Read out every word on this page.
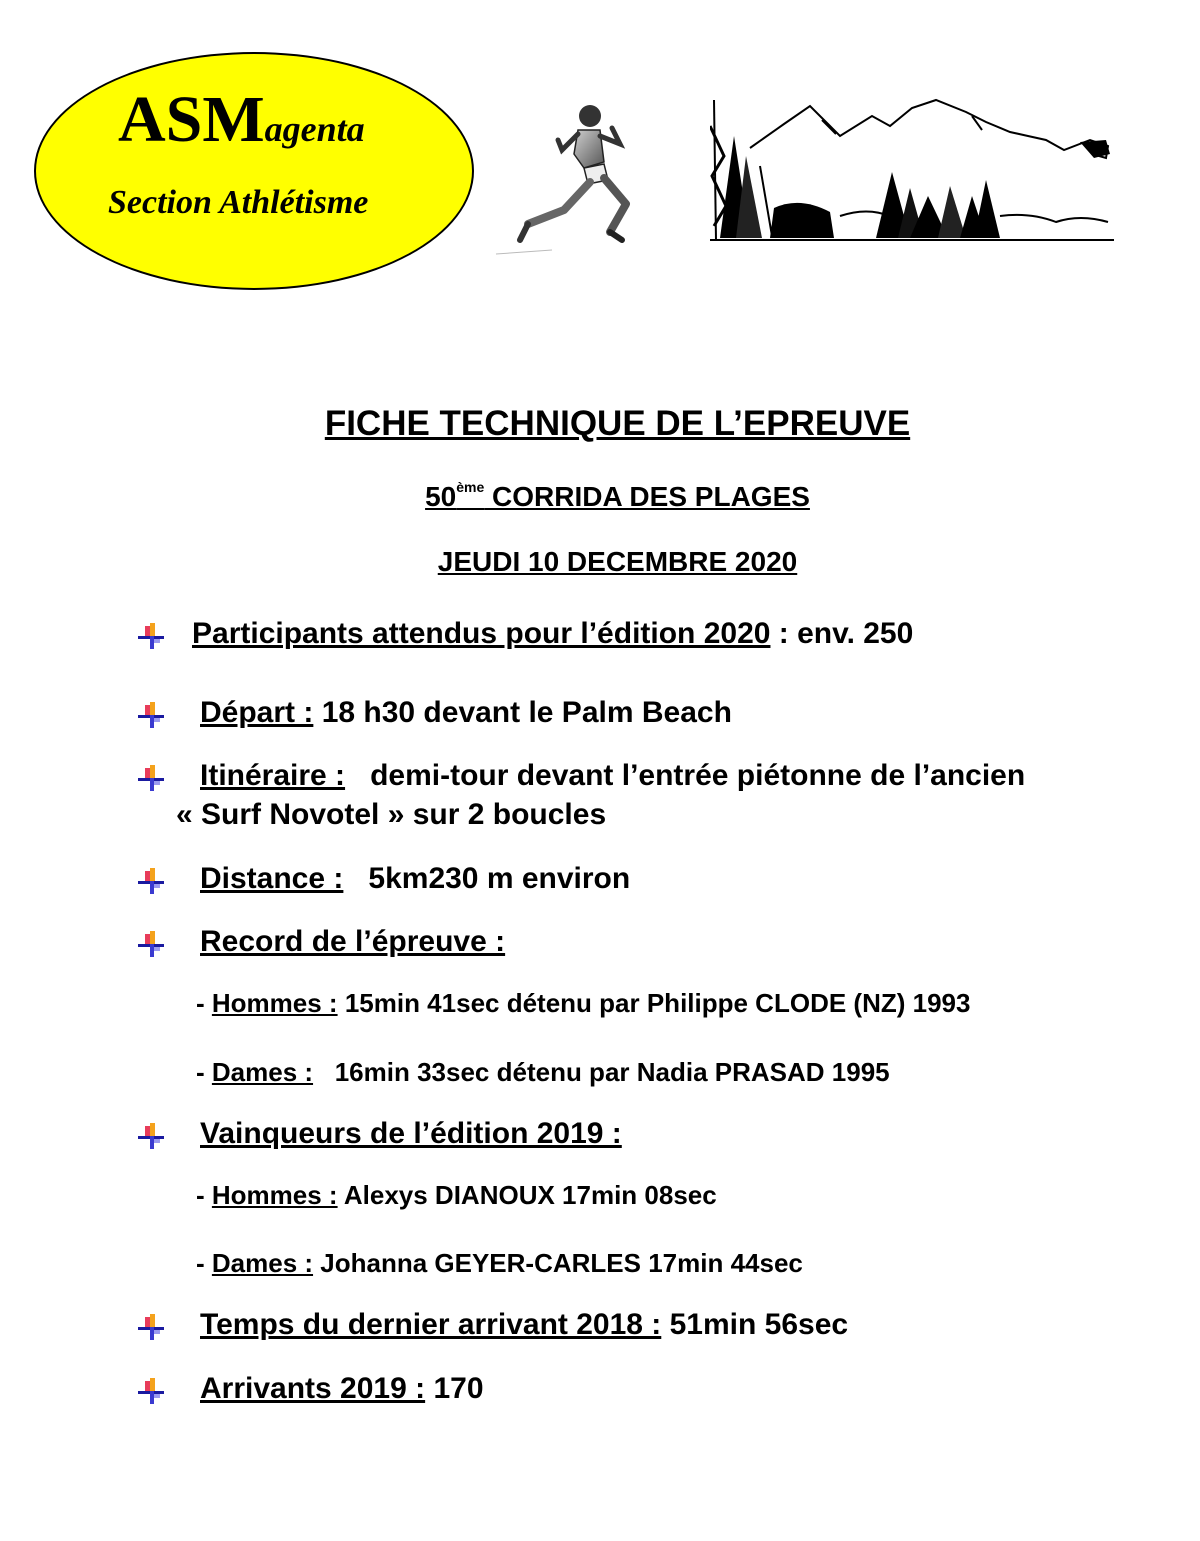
ASMagenta
Section Athlétisme
FICHE TECHNIQUE DE L’EPREUVE
50ème CORRIDA DES PLAGES
JEUDI 10 DECEMBRE 2020
Participants attendus pour l’édition 2020 : env. 250
Départ : 18 h30 devant le Palm Beach
Itinéraire :   demi-tour devant l’entrée piétonne de l’ancien
« Surf Novotel » sur 2 boucles
Distance :   5km230 m environ
Record de l’épreuve :
- Hommes : 15min 41sec détenu par Philippe CLODE (NZ) 1993
- Dames :   16min 33sec détenu par Nadia PRASAD 1995
Vainqueurs de l’édition 2019 :
- Hommes : Alexys DIANOUX 17min 08sec
- Dames : Johanna GEYER-CARLES 17min 44sec
Temps du dernier arrivant 2018 : 51min 56sec
Arrivants 2019 : 170
